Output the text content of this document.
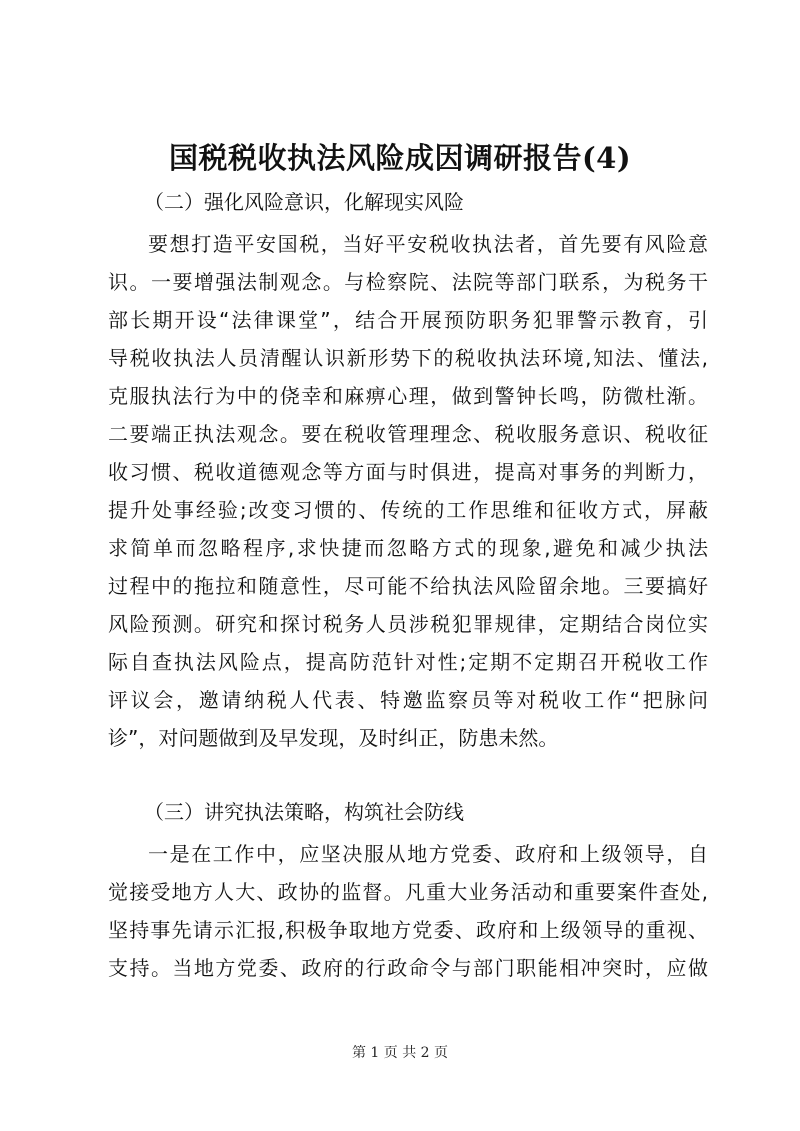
国税税收执法风险成因调研报告(4)
（二）强化风险意识，化解现实风险
要想打造平安国税，当好平安税收执法者，首先要有风险意
识。一要增强法制观念。与检察院、法院等部门联系，为税务干
部长期开设“法律课堂”，结合开展预防职务犯罪警示教育，引
导税收执法人员清醒认识新形势下的税收执法环境,知法、懂法,
克服执法行为中的侥幸和麻痹心理，做到警钟长鸣，防微杜渐。
二要端正执法观念。要在税收管理理念、税收服务意识、税收征
收习惯、税收道德观念等方面与时俱进，提高对事务的判断力，
提升处事经验;改变习惯的、传统的工作思维和征收方式，屏蔽
求简单而忽略程序,求快捷而忽略方式的现象,避免和减少执法
过程中的拖拉和随意性，尽可能不给执法风险留余地。三要搞好
风险预测。研究和探讨税务人员涉税犯罪规律，定期结合岗位实
际自查执法风险点，提高防范针对性;定期不定期召开税收工作
评议会，邀请纳税人代表、特邀监察员等对税收工作“把脉问
诊”，对问题做到及早发现，及时纠正，防患未然。
（三）讲究执法策略，构筑社会防线
一是在工作中，应坚决服从地方党委、政府和上级领导，自
觉接受地方人大、政协的监督。凡重大业务活动和重要案件查处,
坚持事先请示汇报,积极争取地方党委、政府和上级领导的重视、
支持。当地方党委、政府的行政命令与部门职能相冲突时，应做
第 1 页 共 2 页
